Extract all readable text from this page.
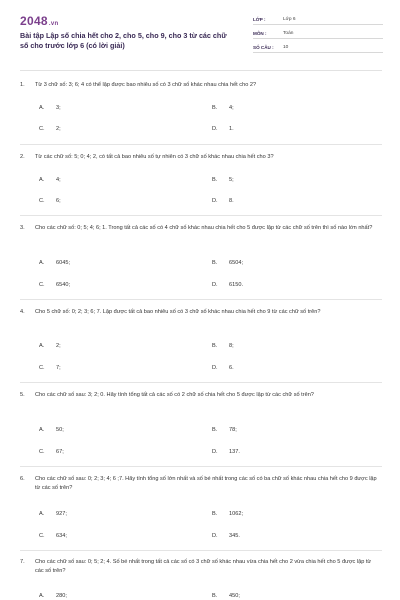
2048.vn
Bài tập Lập số chia hết cho 2, cho 5, cho 9, cho 3 từ các chữ số cho trước lớp 6 (có lời giải)
LỚP :	Lớp 6
MÔN :	Toán
SỐ CÂU :	10
1.	Từ 3 chữ số: 3; 6; 4 có thể lập được bao nhiêu số có 3 chữ số khác nhau chia hết cho 2?
A.	3;	B.	4;
C.	2;	D.	1.
2.	Từ các chữ số: 5; 0; 4; 2, có tất cả bao nhiêu số tự nhiên có 3 chữ số khác nhau chia hết cho 3?
A.	4;	B.	5;
C.	6;	D.	8.
3.	Cho các chữ số: 0; 5; 4; 6; 1. Trong tất cả các số có 4 chữ số khác nhau chia hết cho 5 được lập từ các chữ số trên thì số nào lớn nhất?
A.	6045;	B.	6504;
C.	6540;	D.	6150.
4.	Cho 5 chữ số: 0; 2; 3; 6; 7. Lập được tất cả bao nhiêu số có 3 chữ số khác nhau chia hết cho 9 từ các chữ số trên?
A.	2;	B.	8;
C.	7;	D.	6.
5.	Cho các chữ số sau: 3; 2; 0. Hãy tính tổng tất cả các số có 2 chữ số chia hết cho 5 được lập từ các chữ số trên?
A.	50;	B.	78;
C.	67;	D.	137.
6.	Cho các chữ số sau: 0; 2; 3; 4; 6 ;7. Hãy tính tổng số lớn nhất và số bé nhất trong các số có ba chữ số khác nhau chia hết cho 9 được lập từ các số trên?
A.	927;	B.	1062;
C.	634;	D.	345.
7.	Cho các chữ số sau: 0; 5; 2; 4. Số bé nhất trong tất cả các số có 3 chữ số khác nhau vừa chia hết cho 2 vừa chia hết cho 5 được lập từ các số trên?
A.	280;	B.	450;
